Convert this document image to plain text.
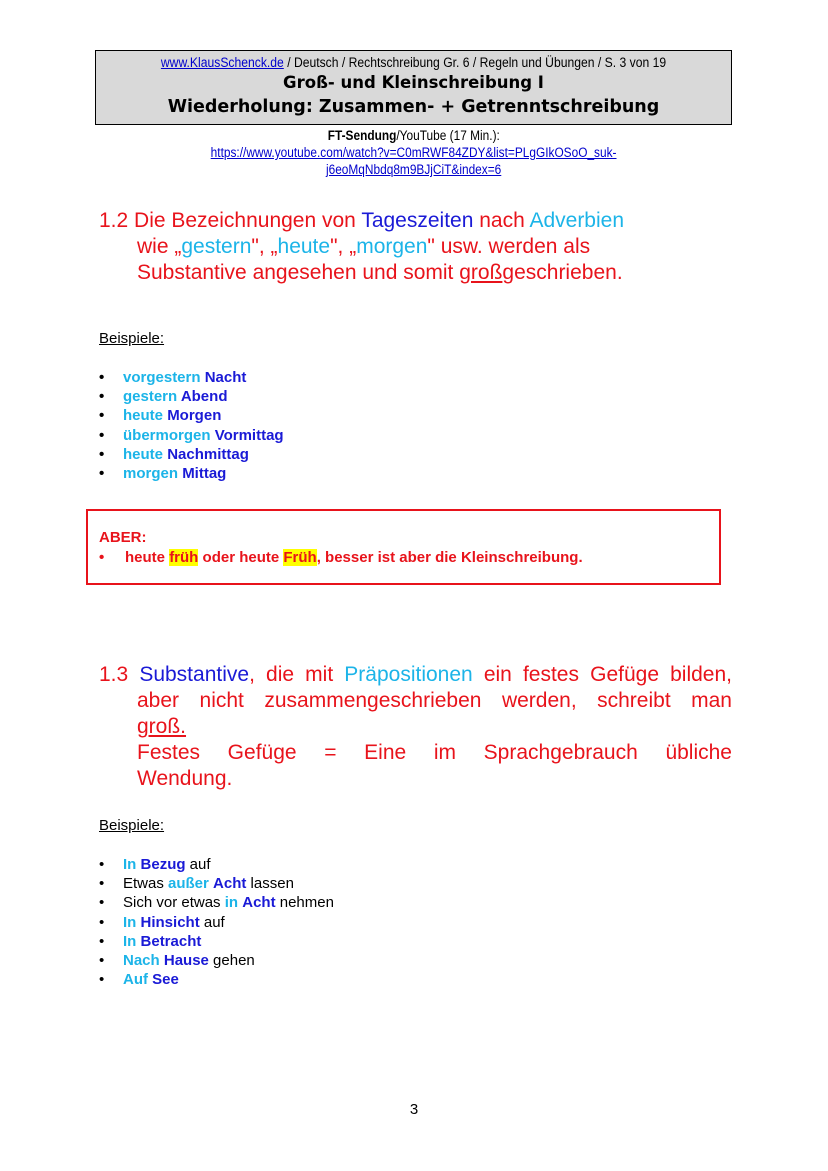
www.KlausSchenck.de / Deutsch / Rechtschreibung Gr. 6 / Regeln und Übungen / S. 3 von 19
Groß- und Kleinschreibung I
Wiederholung: Zusammen- + Getrenntschreibung
FT-Sendung/YouTube (17 Min.):
https://www.youtube.com/watch?v=C0mRWF84ZDY&list=PLgGIkOSoO_suk-
j6eoMqNbdq8m9BJjCiT&index=6
1.2 Die Bezeichnungen von Tageszeiten nach Adverbien
wie „gestern", „heute", „morgen" usw. werden als
Substantive angesehen und somit großgeschrieben.
Beispiele:
• vorgestern Nacht
• gestern Abend
• heute Morgen
• übermorgen Vormittag
• heute Nachmittag
• morgen Mittag
ABER:
• heute früh oder heute Früh, besser ist aber die Kleinschreibung.
1.3 Substantive, die mit Präpositionen ein festes Gefüge bilden,
aber nicht zusammengeschrieben werden, schreibt man
groß.
Festes Gefüge = Eine im Sprachgebrauch übliche
Wendung.
Beispiele:
• In Bezug auf
• Etwas außer Acht lassen
• Sich vor etwas in Acht nehmen
• In Hinsicht auf
• In Betracht
• Nach Hause gehen
• Auf See
3
